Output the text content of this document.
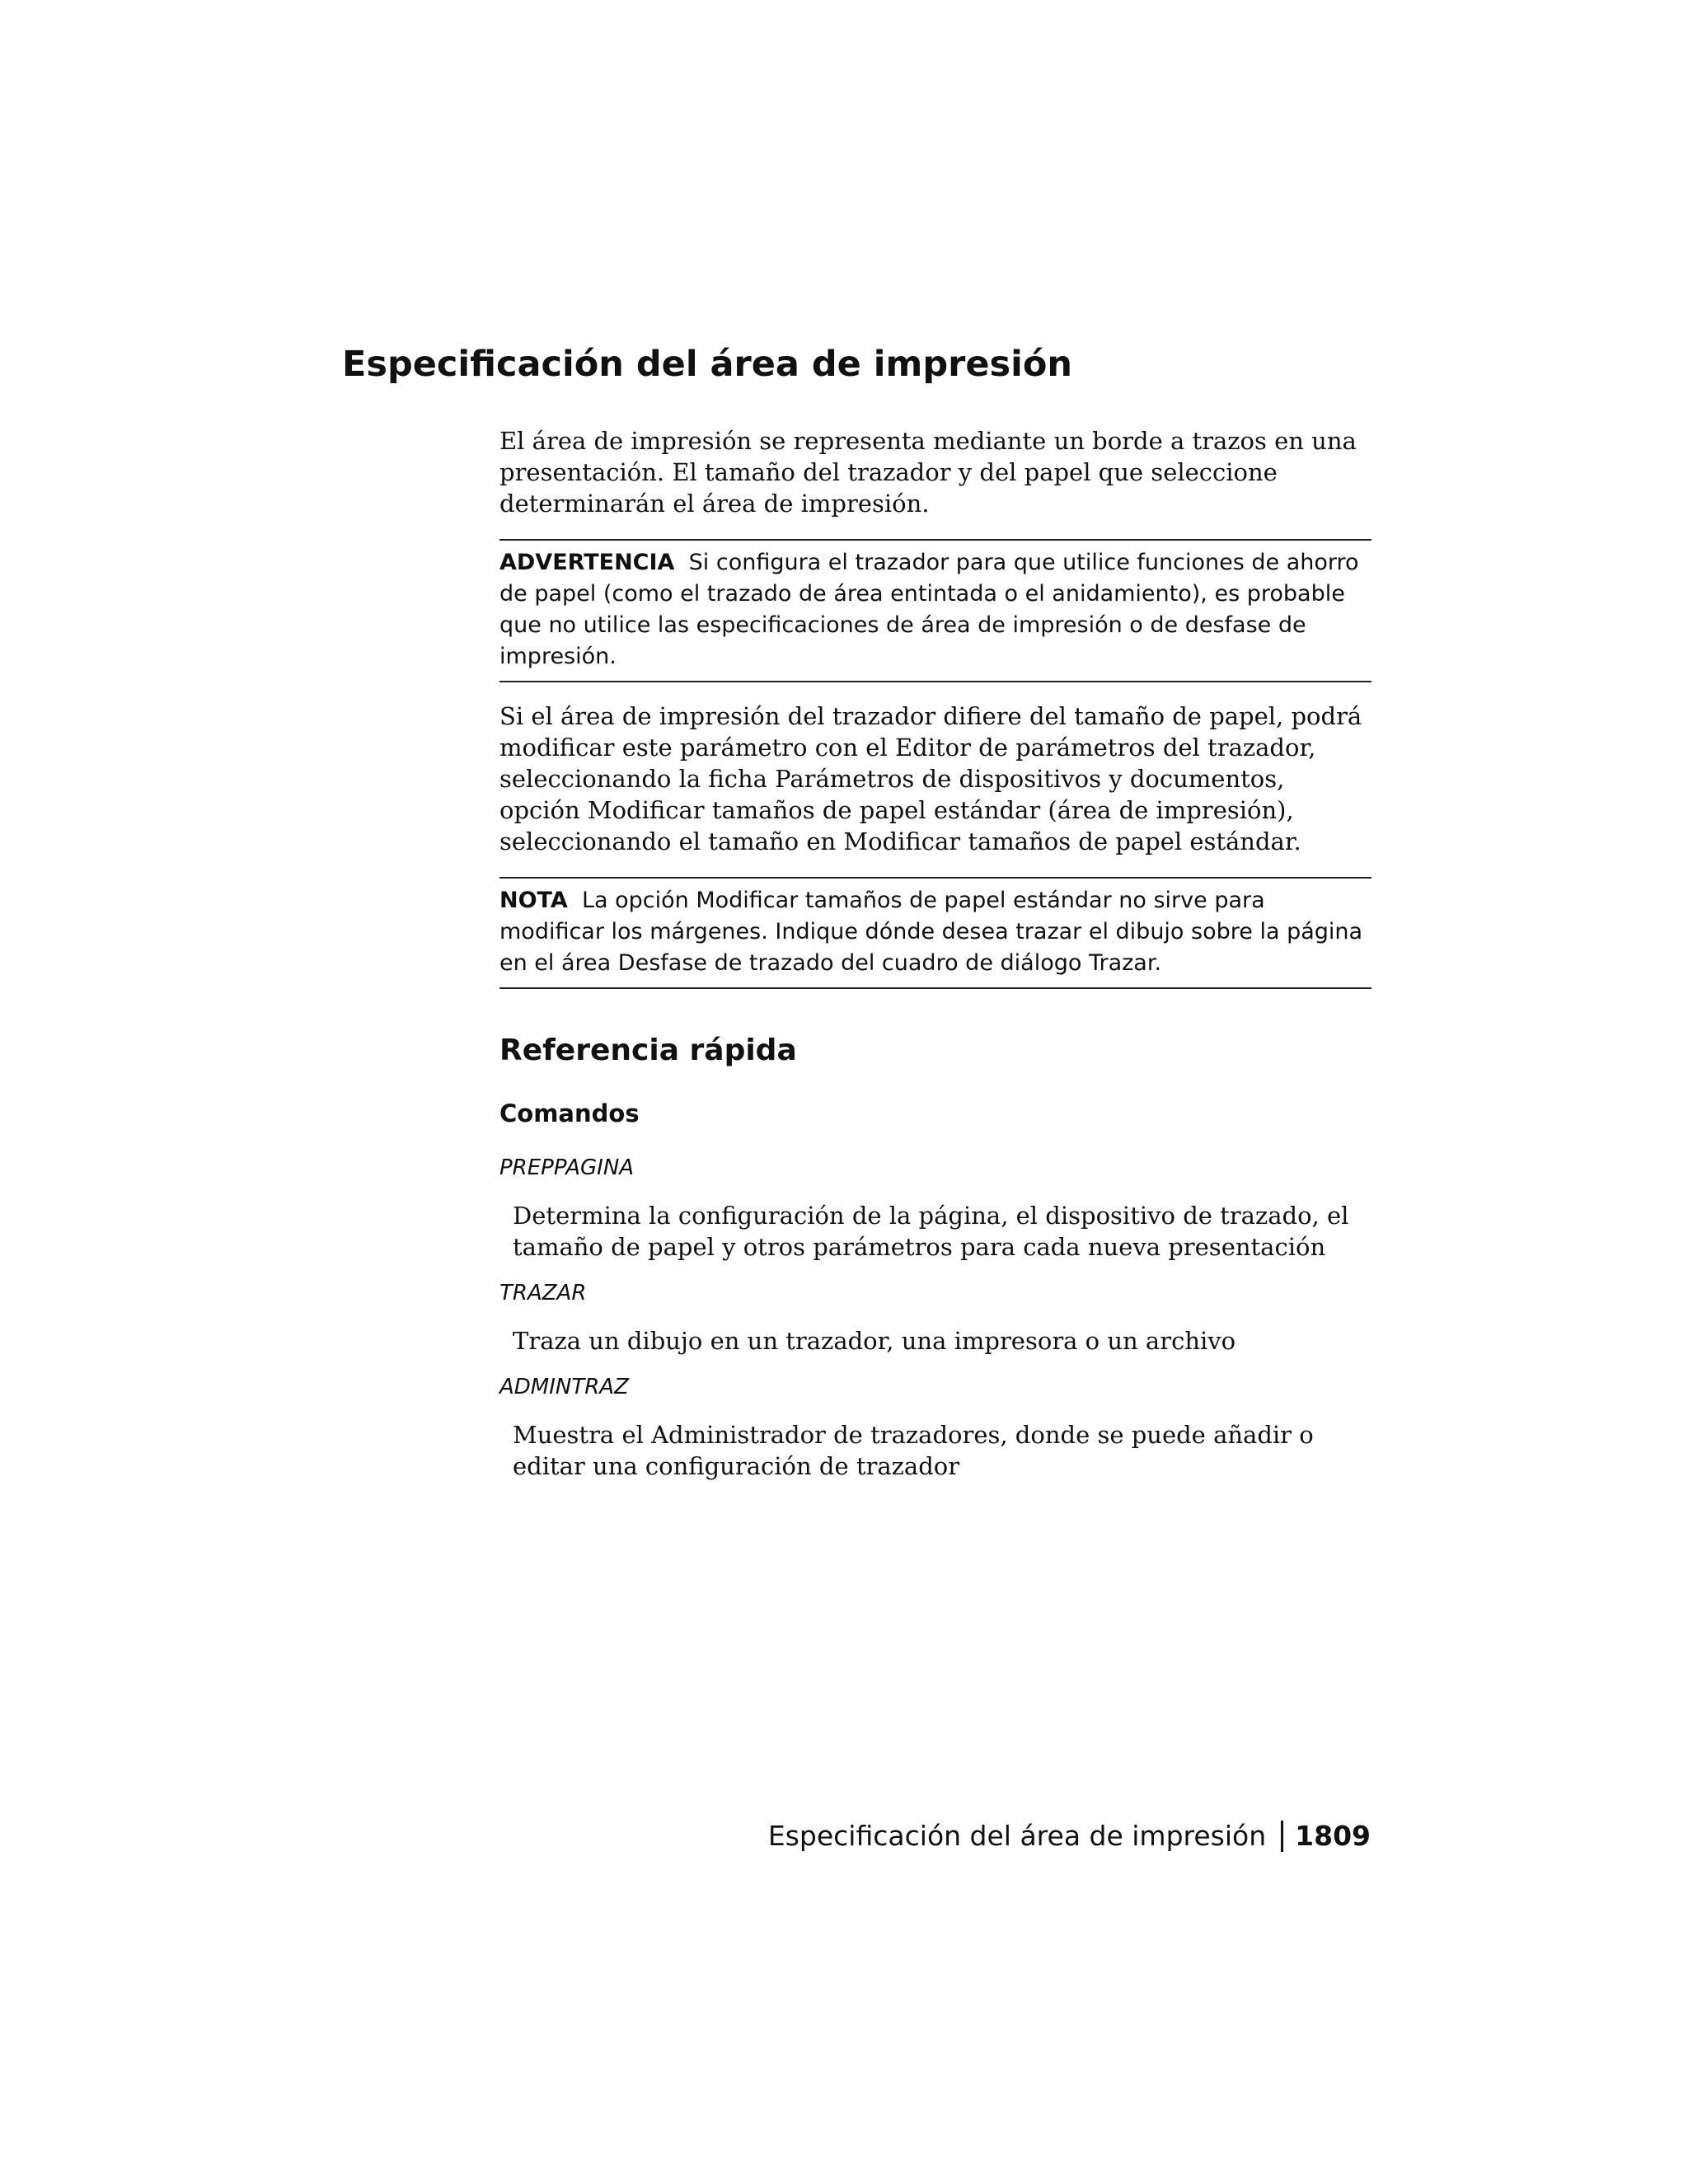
Especificación del área de impresión

El área de impresión se representa mediante un borde a trazos en una presentación. El tamaño del trazador y del papel que seleccione determinarán el área de impresión.

ADVERTENCIA Si configura el trazador para que utilice funciones de ahorro de papel (como el trazado de área entintada o el anidamiento), es probable que no utilice las especificaciones de área de impresión o de desfase de impresión.

Si el área de impresión del trazador difiere del tamaño de papel, podrá modificar este parámetro con el Editor de parámetros del trazador, seleccionando la ficha Parámetros de dispositivos y documentos, opción Modificar tamaños de papel estándar (área de impresión), seleccionando el tamaño en Modificar tamaños de papel estándar.

NOTA La opción Modificar tamaños de papel estándar no sirve para modificar los márgenes. Indique dónde desea trazar el dibujo sobre la página en el área Desfase de trazado del cuadro de diálogo Trazar.

Referencia rápida
Comandos

PREPPAGINA

Determina la configuración de la página, el dispositivo de trazado, el tamaño de papel y otros parámetros para cada nueva presentación

TRAZAR

Traza un dibujo en un trazador, una impresora o un archivo

ADMINTRAZ

Muestra el Administrador de trazadores, donde se puede añadir o editar una configuración de trazador

Especificación del área de impresión 1809
